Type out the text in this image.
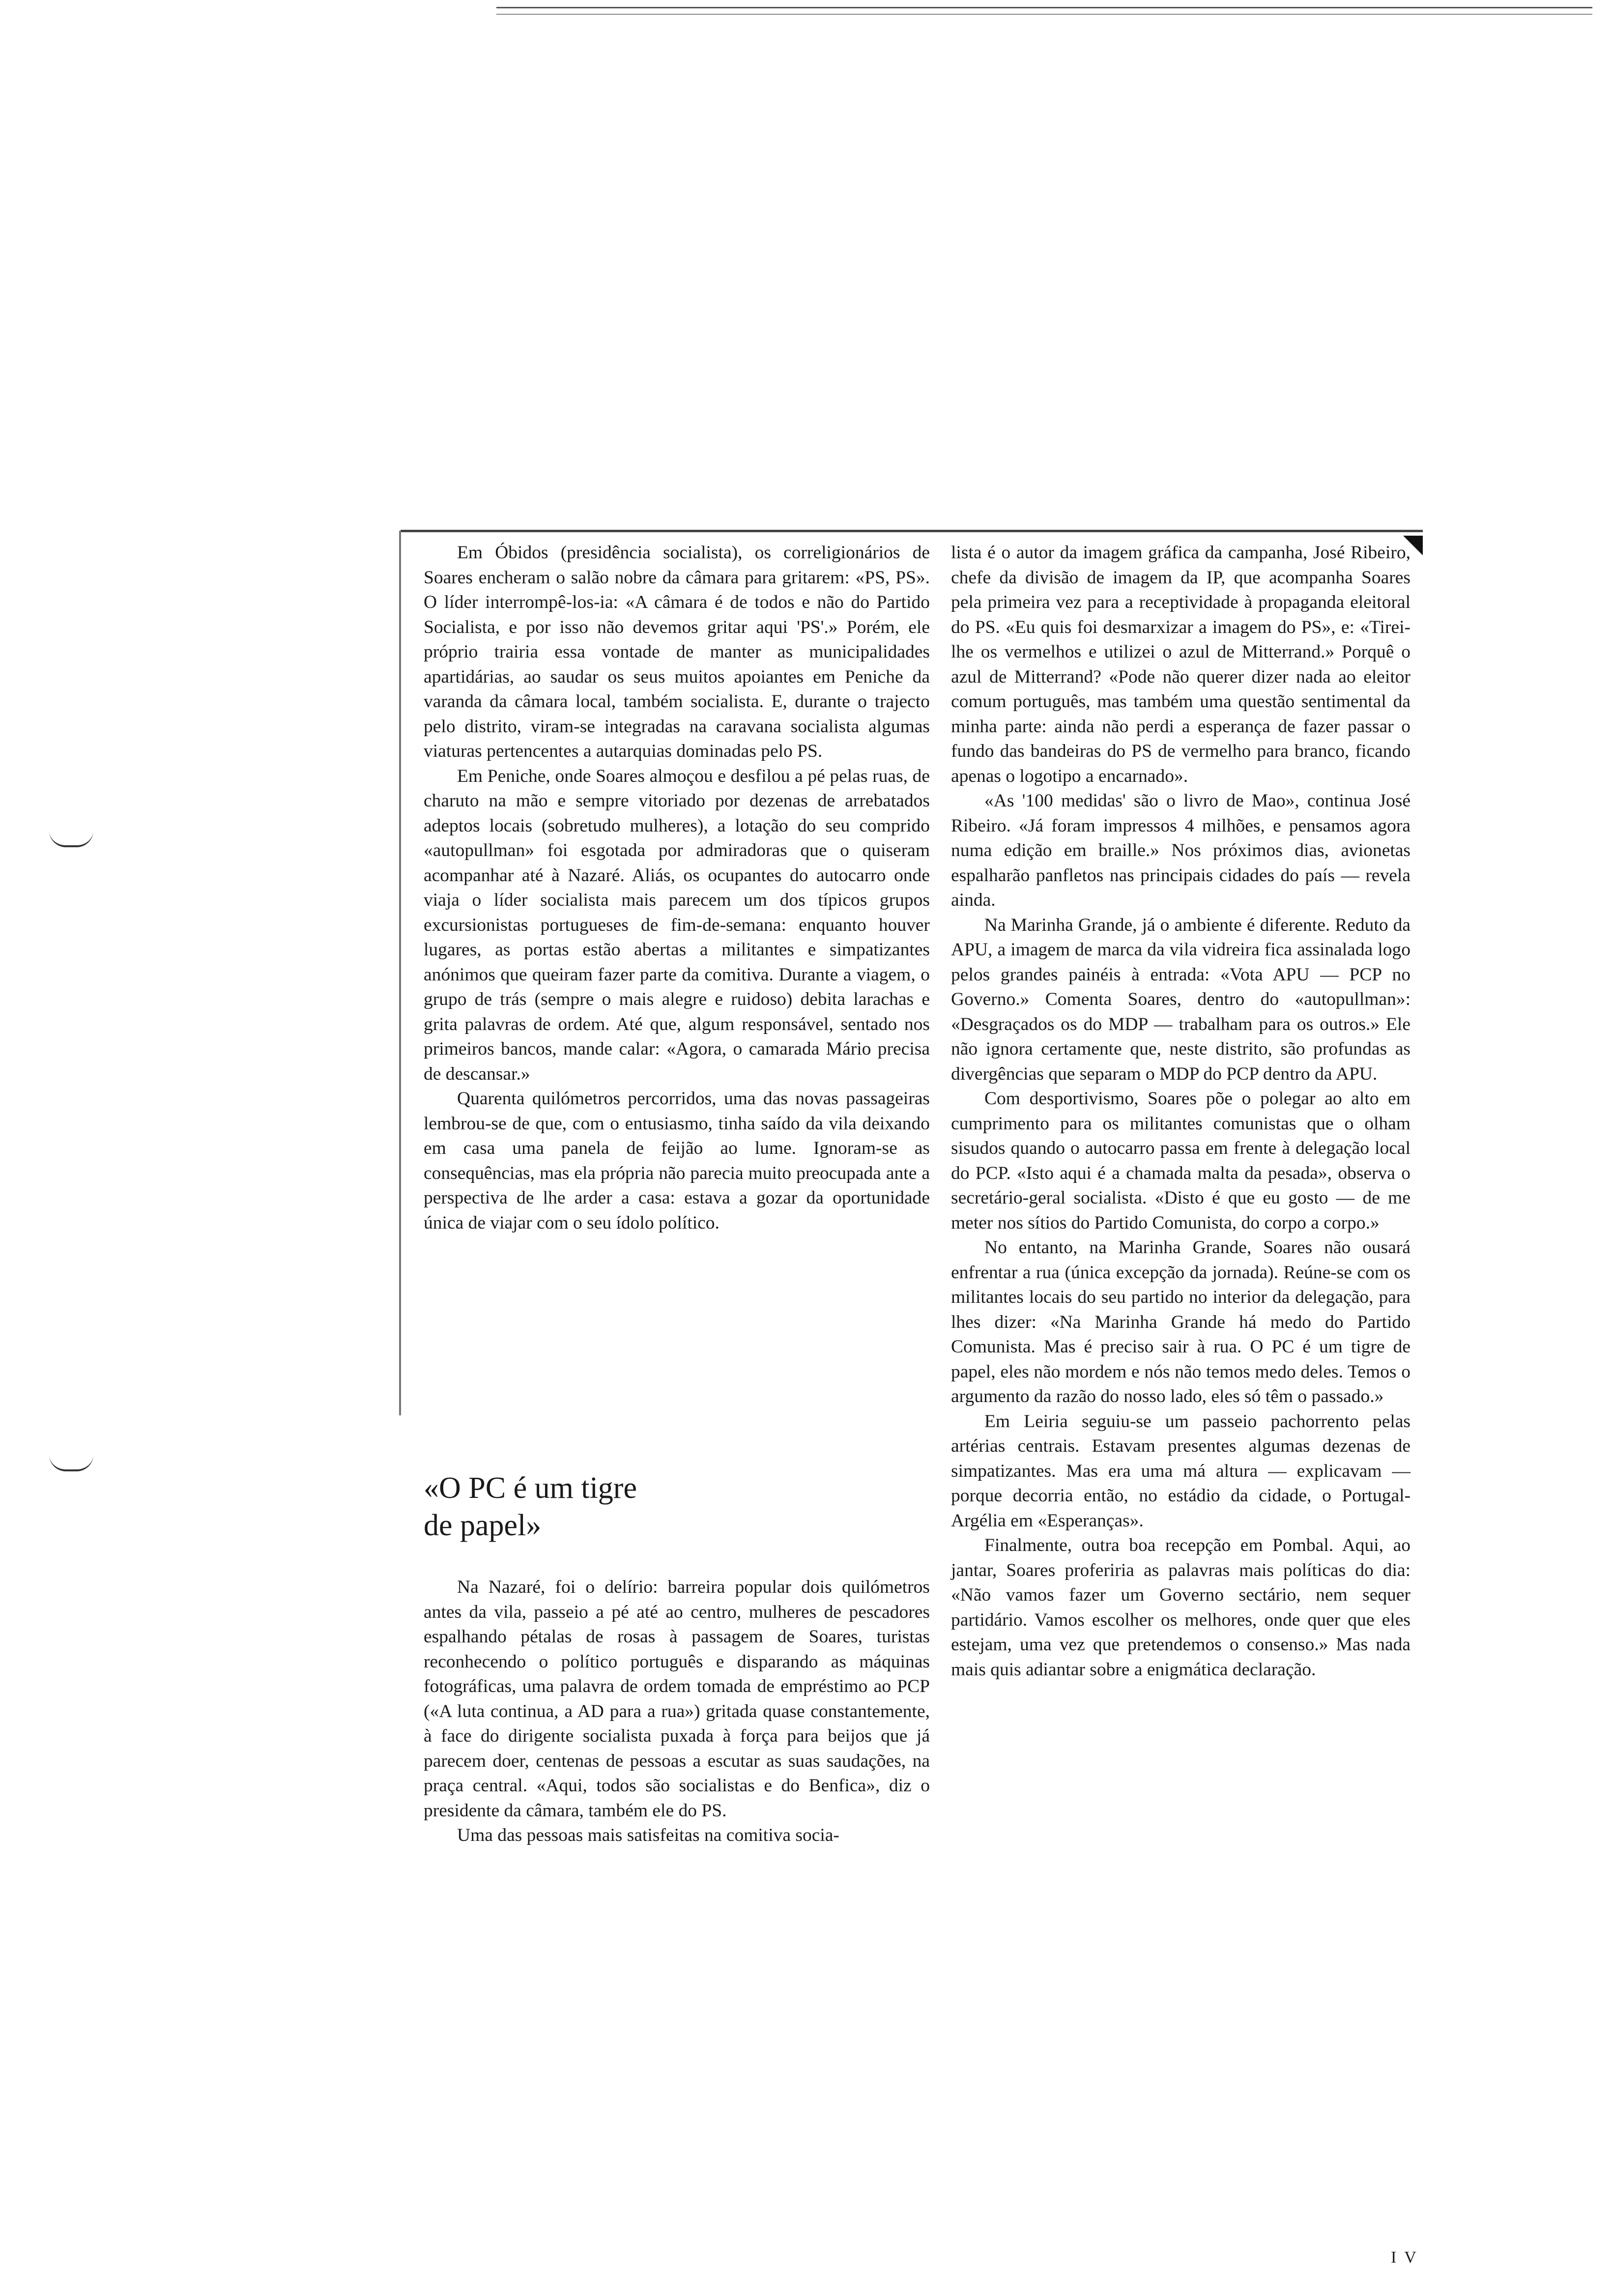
Em Óbidos (presidência socialista), os correligionários de Soares encheram o salão nobre da câmara para gritarem: «PS, PS». O líder interrompê-los-ia: «A câmara é de todos e não do Partido Socialista, e por isso não devemos gritar aqui 'PS'.» Porém, ele próprio trairia essa vontade de manter as municipalidades apartidárias, ao saudar os seus muitos apoiantes em Peniche da varanda da câmara local, também socialista. E, durante o trajecto pelo distrito, viram-se integradas na caravana socialista algumas viaturas pertencentes a autarquias dominadas pelo PS.

Em Peniche, onde Soares almoçou e desfilou a pé pelas ruas, de charuto na mão e sempre vitoriado por dezenas de arrebatados adeptos locais (sobretudo mulheres), a lotação do seu comprido «autopullman» foi esgotada por admiradoras que o quiseram acompanhar até à Nazaré. Aliás, os ocupantes do autocarro onde viaja o líder socialista mais parecem um dos típicos grupos excursionistas portugueses de fim-de-semana: enquanto houver lugares, as portas estão abertas a militantes e simpatizantes anónimos que queiram fazer parte da comitiva. Durante a viagem, o grupo de trás (sempre o mais alegre e ruidoso) debita larachas e grita palavras de ordem. Até que, algum responsável, sentado nos primeiros bancos, mande calar: «Agora, o camarada Mário precisa de descansar.»

Quarenta quilómetros percorridos, uma das novas passageiras lembrou-se de que, com o entusiasmo, tinha saído da vila deixando em casa uma panela de feijão ao lume. Ignoram-se as consequências, mas ela própria não parecia muito preocupada ante a perspectiva de lhe arder a casa: estava a gozar da oportunidade única de viajar com o seu ídolo político.

«O PC é um tigre
de papel»

Na Nazaré, foi o delírio: barreira popular dois quilómetros antes da vila, passeio a pé até ao centro, mulheres de pescadores espalhando pétalas de rosas à passagem de Soares, turistas reconhecendo o político português e disparando as máquinas fotográficas, uma palavra de ordem tomada de empréstimo ao PCP («A luta continua, a AD para a rua») gritada quase constantemente, à face do dirigente socialista puxada à força para beijos que já parecem doer, centenas de pessoas a escutar as suas saudações, na praça central. «Aqui, todos são socialistas e do Benfica», diz o presidente da câmara, também ele do PS.

Uma das pessoas mais satisfeitas na comitiva socia-

lista é o autor da imagem gráfica da campanha, José Ribeiro, chefe da divisão de imagem da IP, que acompanha Soares pela primeira vez para a receptividade à propaganda eleitoral do PS. «Eu quis foi desmarxizar a imagem do PS», e: «Tirei-lhe os vermelhos e utilizei o azul de Mitterrand.» Porquê o azul de Mitterrand? «Pode não querer dizer nada ao eleitor comum português, mas também uma questão sentimental da minha parte: ainda não perdi a esperança de fazer passar o fundo das bandeiras do PS de vermelho para branco, ficando apenas o logotipo a encarnado».

«As '100 medidas' são o livro de Mao», continua José Ribeiro. «Já foram impressos 4 milhões, e pensamos agora numa edição em braille.» Nos próximos dias, avionetas espalharão panfletos nas principais cidades do país — revela ainda.

Na Marinha Grande, já o ambiente é diferente. Reduto da APU, a imagem de marca da vila vidreira fica assinalada logo pelos grandes painéis à entrada: «Vota APU — PCP no Governo.» Comenta Soares, dentro do «autopullman»: «Desgraçados os do MDP — trabalham para os outros.» Ele não ignora certamente que, neste distrito, são profundas as divergências que separam o MDP do PCP dentro da APU.

Com desportivismo, Soares põe o polegar ao alto em cumprimento para os militantes comunistas que o olham sisudos quando o autocarro passa em frente à delegação local do PCP. «Isto aqui é a chamada malta da pesada», observa o secretário-geral socialista. «Disto é que eu gosto — de me meter nos sítios do Partido Comunista, do corpo a corpo.»

No entanto, na Marinha Grande, Soares não ousará enfrentar a rua (única excepção da jornada). Reúne-se com os militantes locais do seu partido no interior da delegação, para lhes dizer: «Na Marinha Grande há medo do Partido Comunista. Mas é preciso sair à rua. O PC é um tigre de papel, eles não mordem e nós não temos medo deles. Temos o argumento da razão do nosso lado, eles só têm o passado.»

Em Leiria seguiu-se um passeio pachorrento pelas artérias centrais. Estavam presentes algumas dezenas de simpatizantes. Mas era uma má altura — explicavam — porque decorria então, no estádio da cidade, o Portugal-Argélia em «Esperanças».

Finalmente, outra boa recepção em Pombal. Aqui, ao jantar, Soares proferiria as palavras mais políticas do dia: «Não vamos fazer um Governo sectário, nem sequer partidário. Vamos escolher os melhores, onde quer que eles estejam, uma vez que pretendemos o consenso.» Mas nada mais quis adiantar sobre a enigmática declaração.

I V
